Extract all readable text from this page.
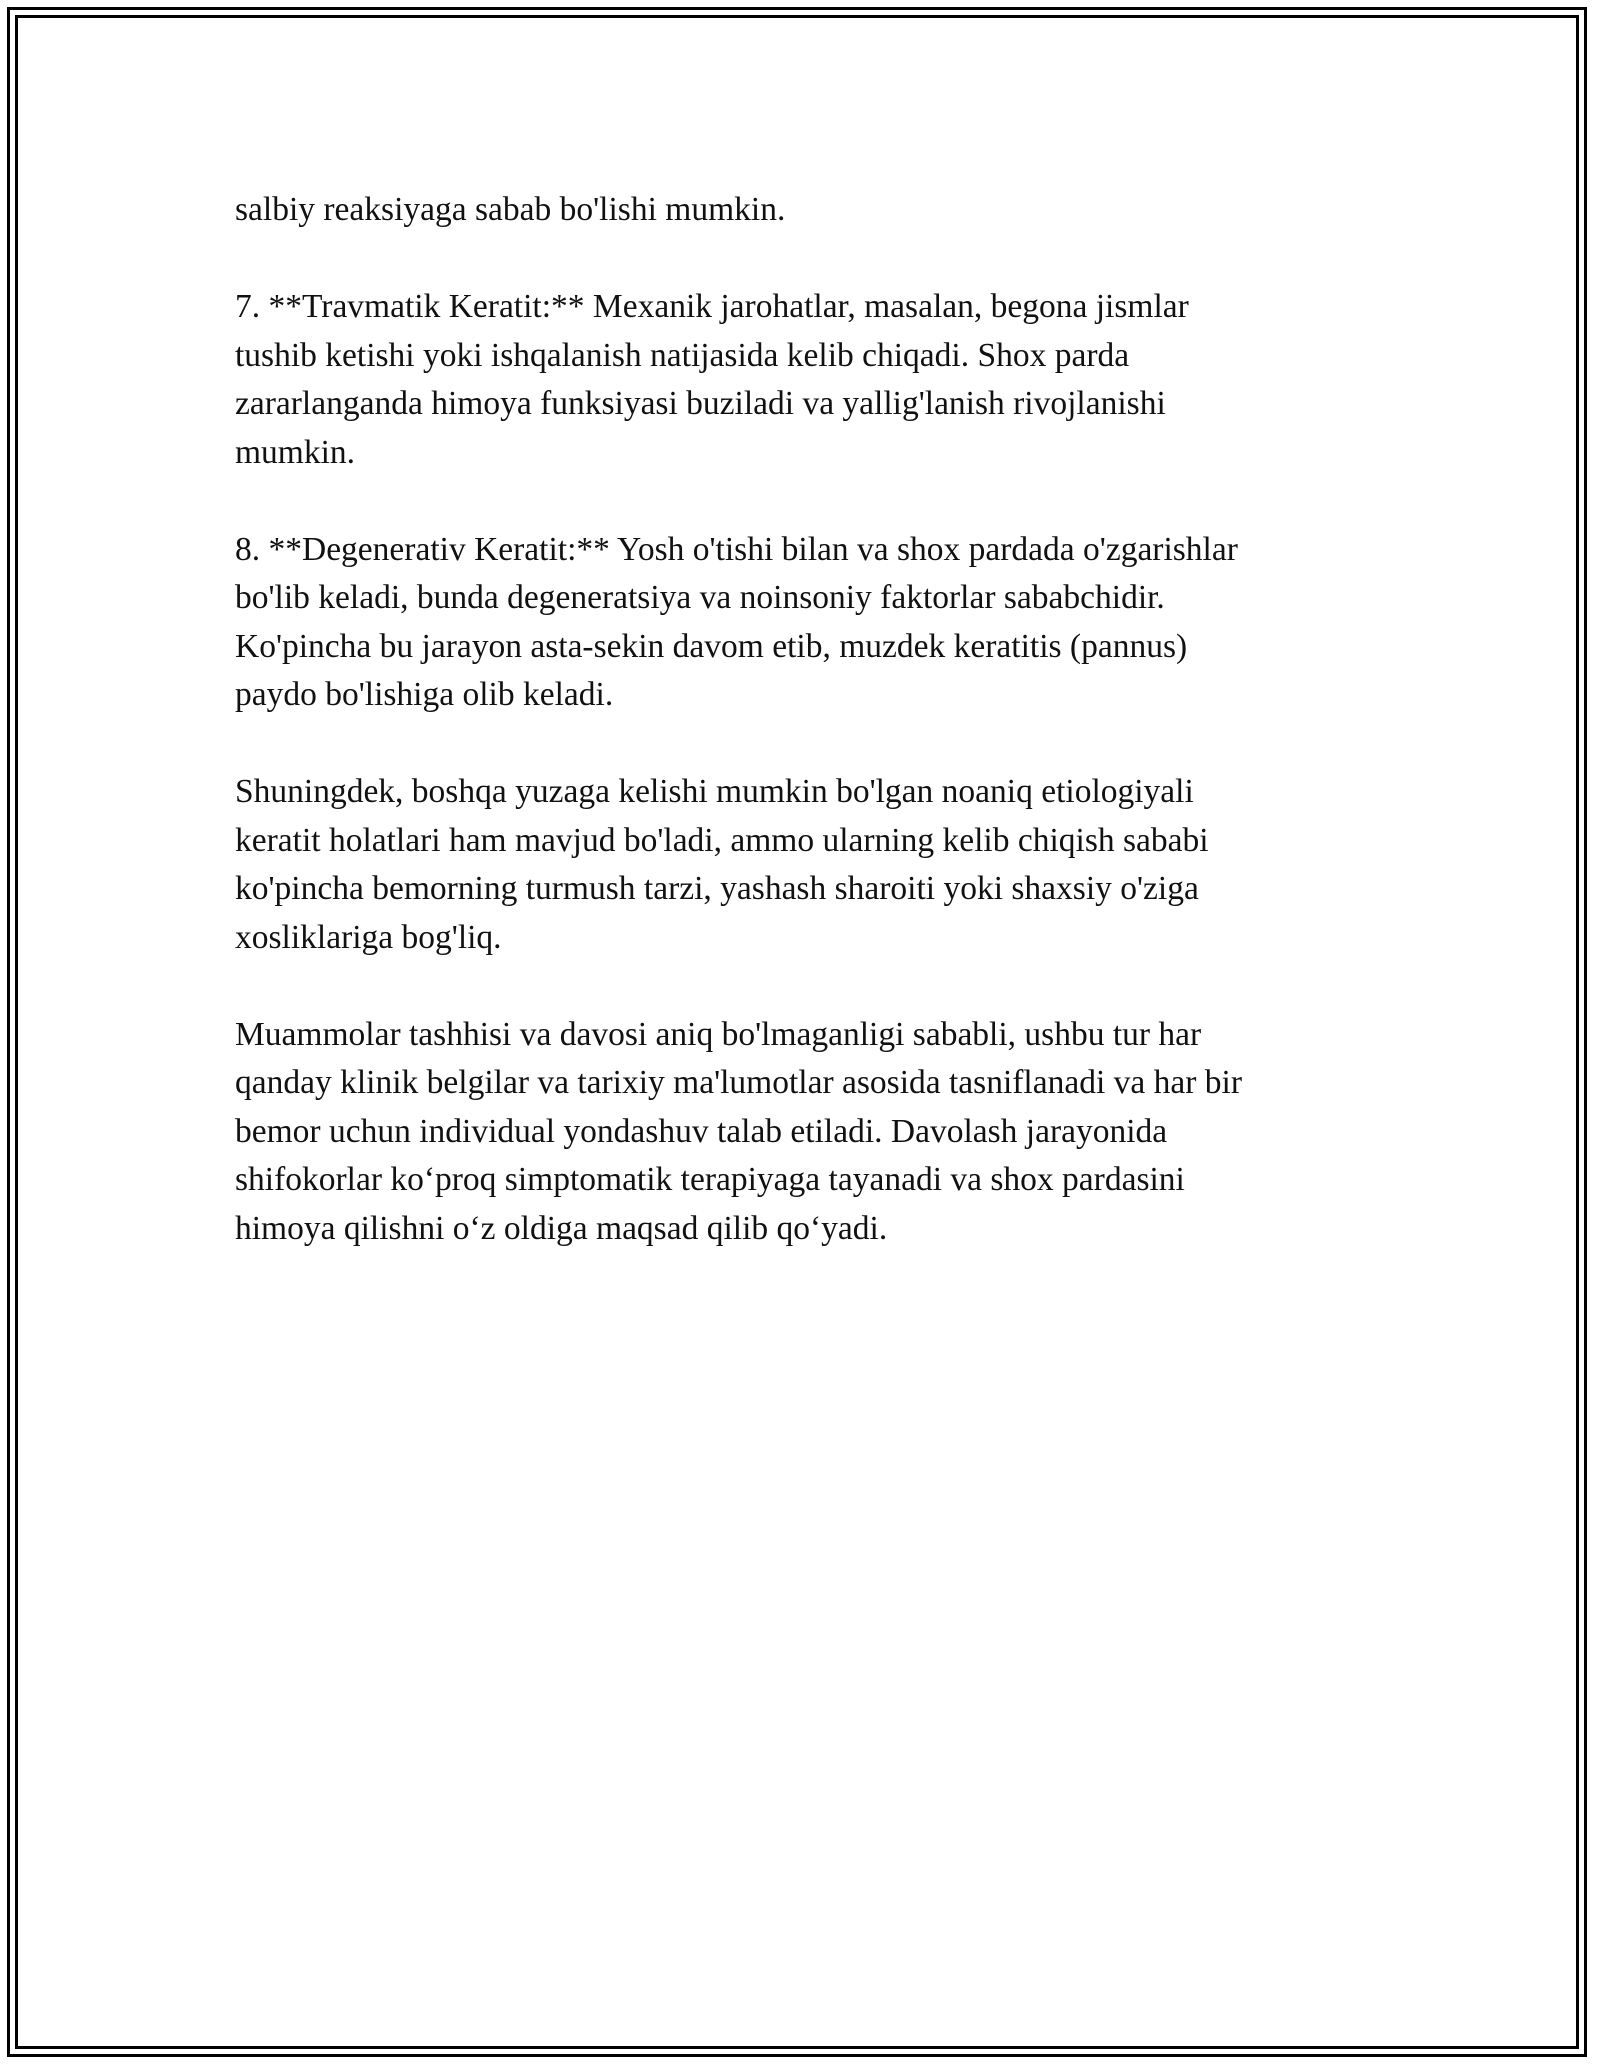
salbiy reaksiyaga sabab bo'lishi mumkin.

7. **Travmatik Keratit:** Mexanik jarohatlar, masalan, begona jismlar
tushib ketishi yoki ishqalanish natijasida kelib chiqadi. Shox parda
zararlanganda himoya funksiyasi buziladi va yallig'lanish rivojlanishi
mumkin.

8. **Degenerativ Keratit:** Yosh o'tishi bilan va shox pardada o'zgarishlar
bo'lib keladi, bunda degeneratsiya va noinsoniy faktorlar sababchidir.
Ko'pincha bu jarayon asta-sekin davom etib, muzdek keratitis (pannus)
paydo bo'lishiga olib keladi.

Shuningdek, boshqa yuzaga kelishi mumkin bo'lgan noaniq etiologiyali
keratit holatlari ham mavjud bo'ladi, ammo ularning kelib chiqish sababi
ko'pincha bemorning turmush tarzi, yashash sharoiti yoki shaxsiy o'ziga
xosliklariga bog'liq.

Muammolar tashhisi va davosi aniq bo'lmaganligi sababli, ushbu tur har
qanday klinik belgilar va tarixiy ma'lumotlar asosida tasniflanadi va har bir
bemor uchun individual yondashuv talab etiladi. Davolash jarayonida
shifokorlar ko‘proq simptomatik terapiyaga tayanadi va shox pardasini
himoya qilishni o‘z oldiga maqsad qilib qo‘yadi.
